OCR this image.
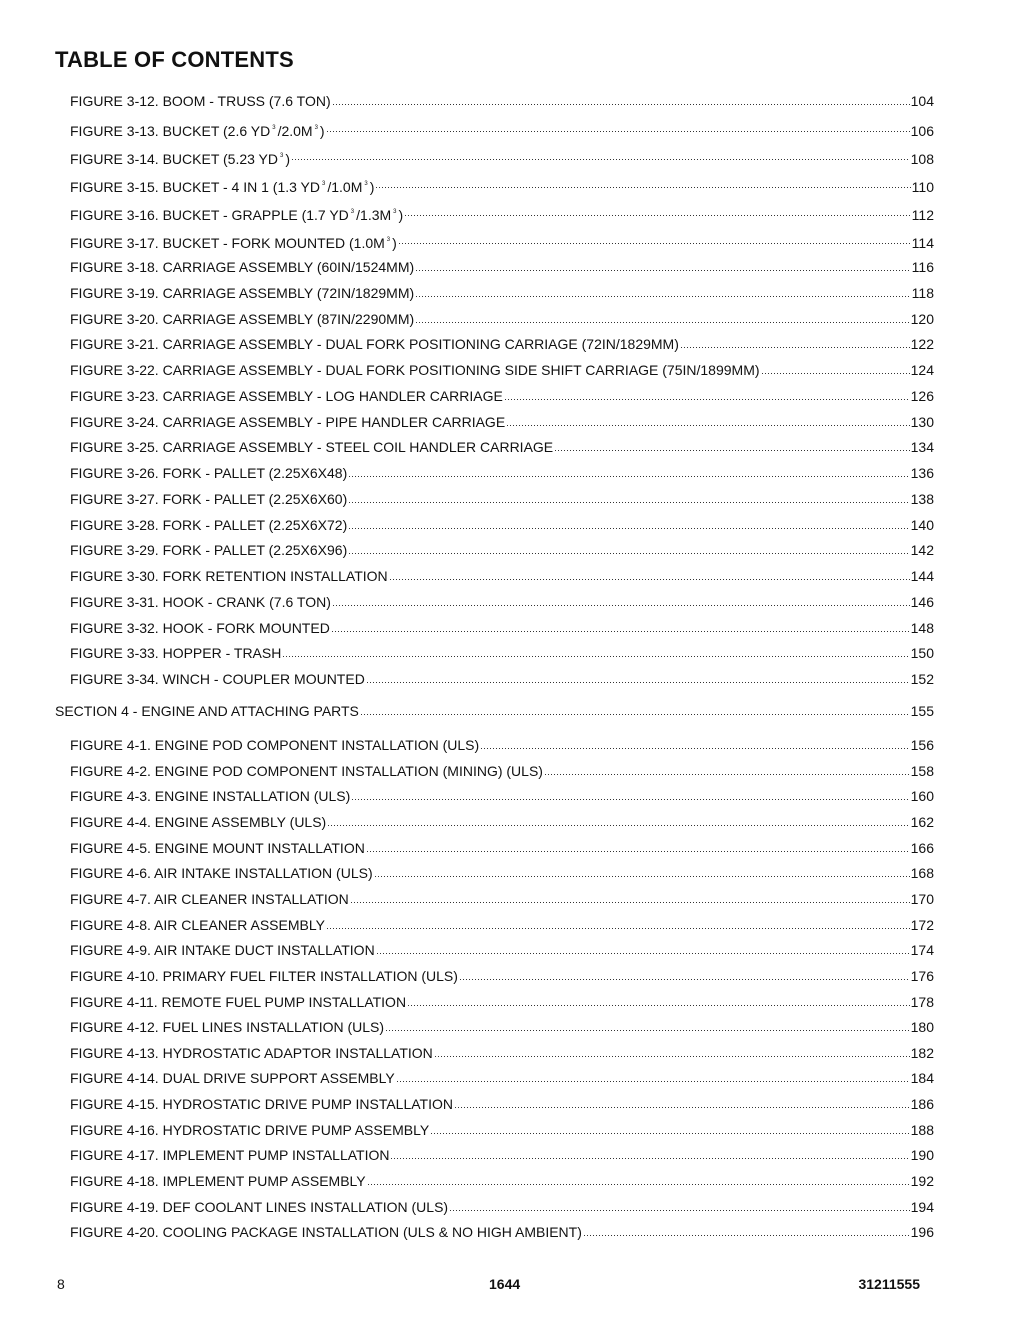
TABLE OF CONTENTS
FIGURE 3-12. BOOM - TRUSS (7.6 TON)	104
FIGURE 3-13. BUCKET (2.6 YD $^3$ /2.0M $^3$ )	106
FIGURE 3-14. BUCKET (5.23 YD $^3$ )	108
FIGURE 3-15. BUCKET - 4 IN 1 (1.3 YD $^3$ /1.0M $^3$ )	110
FIGURE 3-16. BUCKET - GRAPPLE (1.7 YD $^3$ /1.3M $^3$ )	112
FIGURE 3-17. BUCKET - FORK MOUNTED (1.0M $^3$ )	114
FIGURE 3-18. CARRIAGE ASSEMBLY (60IN/1524MM)	116
FIGURE 3-19. CARRIAGE ASSEMBLY (72IN/1829MM)	118
FIGURE 3-20. CARRIAGE ASSEMBLY (87IN/2290MM)	120
FIGURE 3-21. CARRIAGE ASSEMBLY - DUAL FORK POSITIONING CARRIAGE (72IN/1829MM)	122
FIGURE 3-22. CARRIAGE ASSEMBLY - DUAL FORK POSITIONING SIDE SHIFT CARRIAGE (75IN/1899MM)	124
FIGURE 3-23. CARRIAGE ASSEMBLY - LOG HANDLER CARRIAGE	126
FIGURE 3-24. CARRIAGE ASSEMBLY - PIPE HANDLER CARRIAGE	130
FIGURE 3-25. CARRIAGE ASSEMBLY - STEEL COIL HANDLER CARRIAGE	134
FIGURE 3-26. FORK - PALLET (2.25X6X48)	136
FIGURE 3-27. FORK - PALLET (2.25X6X60)	138
FIGURE 3-28. FORK - PALLET (2.25X6X72)	140
FIGURE 3-29. FORK - PALLET (2.25X6X96)	142
FIGURE 3-30. FORK RETENTION INSTALLATION	144
FIGURE 3-31. HOOK - CRANK (7.6 TON)	146
FIGURE 3-32. HOOK - FORK MOUNTED	148
FIGURE 3-33. HOPPER - TRASH	150
FIGURE 3-34. WINCH - COUPLER MOUNTED	152
SECTION 4 - ENGINE AND ATTACHING PARTS	155
FIGURE 4-1. ENGINE POD COMPONENT INSTALLATION (ULS)	156
FIGURE 4-2. ENGINE POD COMPONENT INSTALLATION (MINING) (ULS)	158
FIGURE 4-3. ENGINE INSTALLATION (ULS)	160
FIGURE 4-4. ENGINE ASSEMBLY (ULS)	162
FIGURE 4-5. ENGINE MOUNT INSTALLATION	166
FIGURE 4-6. AIR INTAKE INSTALLATION (ULS)	168
FIGURE 4-7. AIR CLEANER INSTALLATION	170
FIGURE 4-8. AIR CLEANER ASSEMBLY	172
FIGURE 4-9. AIR INTAKE DUCT INSTALLATION	174
FIGURE 4-10. PRIMARY FUEL FILTER INSTALLATION (ULS)	176
FIGURE 4-11. REMOTE FUEL PUMP INSTALLATION	178
FIGURE 4-12. FUEL LINES INSTALLATION (ULS)	180
FIGURE 4-13. HYDROSTATIC ADAPTOR INSTALLATION	182
FIGURE 4-14. DUAL DRIVE SUPPORT ASSEMBLY	184
FIGURE 4-15. HYDROSTATIC DRIVE PUMP INSTALLATION	186
FIGURE 4-16. HYDROSTATIC DRIVE PUMP ASSEMBLY	188
FIGURE 4-17. IMPLEMENT PUMP INSTALLATION	190
FIGURE 4-18. IMPLEMENT PUMP ASSEMBLY	192
FIGURE 4-19. DEF COOLANT LINES INSTALLATION (ULS)	194
FIGURE 4-20. COOLING PACKAGE INSTALLATION (ULS & NO HIGH AMBIENT)	196
8	1644	31211555
